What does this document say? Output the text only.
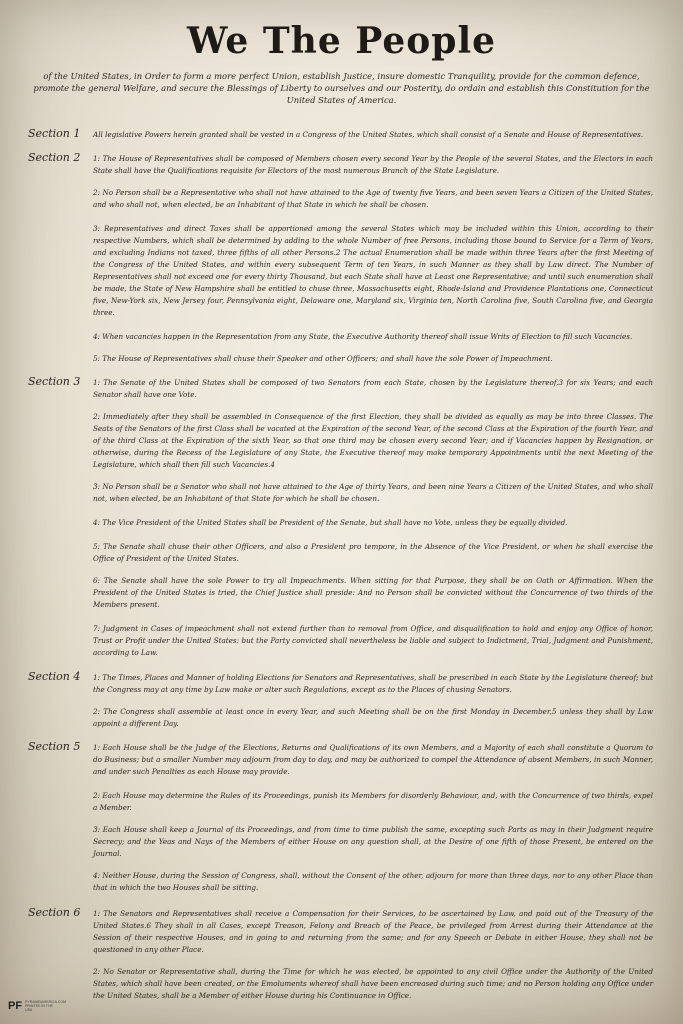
We The People
of the United States, in Order to form a more perfect Union, establish Justice, insure domestic Tranquility, provide for the common defence, promote the general Welfare, and secure the Blessings of Liberty to ourselves and our Posterity, do ordain and establish this Constitution for the United States of America.
Section 1 All legislative Powers herein granted shall be vested in a Congress of the United States, which shall consist of a Senate and House of Representatives.
Section 2 1: The House of Representatives shall be composed of Members chosen every second Year by the People of the several States, and the Electors in each State shall have the Qualifications requisite for Electors of the most numerous Branch of the State Legislature.
2: No Person shall be a Representative who shall not have attained to the Age of twenty five Years, and been seven Years a Citizen of the United States, and who shall not, when elected, be an Inhabitant of that State in which he shall be chosen.
3: Representatives and direct Taxes shall be apportioned among the several States which may be included within this Union, according to their respective Numbers, which shall be determined by adding to the whole Number of free Persons, including those bound to Service for a Term of Years, and excluding Indians not taxed, three fifths of all other Persons.2 The actual Enumeration shall be made within three Years after the first Meeting of the Congress of the United States, and within every subsequent Term of ten Years, in such Manner as they shall by Law direct. The Number of Representatives shall not exceed one for every thirty Thousand, but each State shall have at Least one Representative; and until such enumeration shall be made, the State of New Hampshire shall be entitled to chuse three, Massachusetts eight, Rhode-Island and Providence Plantations one, Connecticut five, New-York six, New Jersey four, Pennsylvania eight, Delaware one, Maryland six, Virginia ten, North Carolina five, South Carolina five, and Georgia three.
4: When vacancies happen in the Representation from any State, the Executive Authority thereof shall issue Writs of Election to fill such Vacancies.
5: The House of Representatives shall chuse their Speaker and other Officers; and shall have the sole Power of Impeachment.
Section 3 1: The Senate of the United States shall be composed of two Senators from each State, chosen by the Legislature thereof,3 for six Years; and each Senator shall have one Vote.
2: Immediately after they shall be assembled in Consequence of the first Election, they shall be divided as equally as may be into three Classes. The Seats of the Senators of the first Class shall be vacated at the Expiration of the second Year, of the second Class at the Expiration of the fourth Year, and of the third Class at the Expiration of the sixth Year, so that one third may be chosen every second Year; and if Vacancies happen by Resignation, or otherwise, during the Recess of the Legislature of any State, the Executive thereof may make temporary Appointments until the next Meeting of the Legislature, which shall then fill such Vacancies.4
3: No Person shall be a Senator who shall not have attained to the Age of thirty Years, and been nine Years a Citizen of the United States, and who shall not, when elected, be an Inhabitant of that State for which he shall be chosen.
4: The Vice President of the United States shall be President of the Senate, but shall have no Vote, unless they be equally divided.
5: The Senate shall chuse their other Officers, and also a President pro tempore, in the Absence of the Vice President, or when he shall exercise the Office of President of the United States.
6: The Senate shall have the sole Power to try all Impeachments. When sitting for that Purpose, they shall be on Oath or Affirmation. When the President of the United States is tried, the Chief Justice shall preside: And no Person shall be convicted without the Concurrence of two thirds of the Members present.
7: Judgment in Cases of impeachment shall not extend further than to removal from Office, and disqualification to hold and enjoy any Office of honor, Trust or Profit under the United States: but the Party convicted shall nevertheless be liable and subject to Indictment, Trial, Judgment and Punishment, according to Law.
Section 4 1: The Times, Places and Manner of holding Elections for Senators and Representatives, shall be prescribed in each State by the Legislature thereof; but the Congress may at any time by Law make or alter such Regulations, except as to the Places of chusing Senators.
2: The Congress shall assemble at least once in every Year, and such Meeting shall be on the first Monday in December,5 unless they shall by Law appoint a different Day.
Section 5 1: Each House shall be the Judge of the Elections, Returns and Qualifications of its own Members, and a Majority of each shall constitute a Quorum to do Business; but a smaller Number may adjourn from day to day, and may be authorized to compel the Attendance of absent Members, in such Manner, and under such Penalties as each House may provide.
2: Each House may determine the Rules of its Proceedings, punish its Members for disorderly Behaviour, and, with the Concurrence of two thirds, expel a Member.
3: Each House shall keep a Journal of its Proceedings, and from time to time publish the same, excepting such Parts as may in their Judgment require Secrecy; and the Yeas and Nays of the Members of either House on any question shall, at the Desire of one fifth of those Present, be entered on the Journal.
4: Neither House, during the Session of Congress, shall, without the Consent of the other, adjourn for more than three days, nor to any other Place than that in which the two Houses shall be sitting.
Section 6 1: The Senators and Representatives shall receive a Compensation for their Services, to be ascertained by Law, and paid out of the Treasury of the United States.6 They shall in all Cases, except Treason, Felony and Breach of the Peace, be privileged from Arrest during their Attendance at the Session of their respective Houses, and in going to and returning from the same; and for any Speech or Debate in either House, they shall not be questioned in any other Place.
2: No Senator or Representative shall, during the Time for which he was elected, be appointed to any civil Office under the Authority of the United States, which shall have been created, or the Emoluments whereof shall have been encreased during such time; and no Person holding any Office under the United States, shall be a Member of either House during his Continuance in Office.
PF PYRAMIDAMERICA.COM PRINTED IN THE USA
